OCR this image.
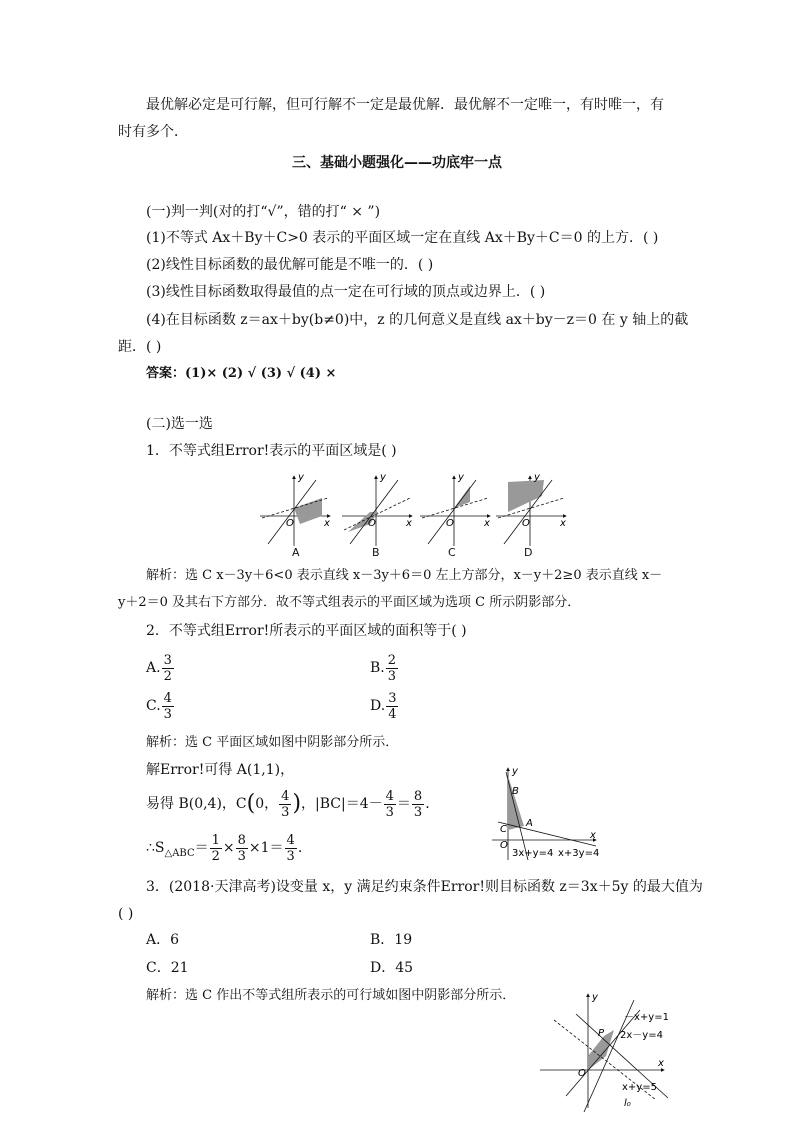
最优解必定是可行解，但可行解不一定是最优解．最优解不一定唯一，有时唯一，有
时有多个．
三、基础小题强化——功底牢一点
(一)判一判(对的打“√”，错的打“ × ”)
(1)不等式 Ax＋By＋C>0 表示的平面区域一定在直线 Ax＋By＋C＝0 的上方．( )
(2)线性目标函数的最优解可能是不唯一的．( )
(3)线性目标函数取得最值的点一定在可行域的顶点或边界上．( )
(4)在目标函数 z＝ax＋by(b≠0)中，z 的几何意义是直线 ax＋by－z＝0 在 y 轴上的截
距．( )
答案：(1)× (2) √ (3) √ (4) ×
(二)选一选
1．不等式组Error!表示的平面区域是( )
O
y
x	O
y
x	O
y
x	O
y
x
A	B	C	D
解析：选 C x－3y＋6<0 表示直线 x－3y＋6＝0 左上方部分，x－y＋2≥0 表示直线 x－
y＋2＝0 及其右下方部分．故不等式组表示的平面区域为选项 C 所示阴影部分．
2．不等式组Error!所表示的平面区域的面积等于( )
A. $\frac{3}{2}$	B. $\frac{2}{3}$
C. $\frac{4}{3}$	D. $\frac{3}{4}$
解析：选 C 平面区域如图中阴影部分所示．
解Error!可得 A(1,1)，
易得 B(0,4)，C(0， $\frac{4}{3}$ )，$|BC|=4- \frac{4}{3} = \frac{8}{3}$ .
$\therefore S_{\triangle ABC}= \frac{1}{2} \times \frac{8}{3} \times 1= \frac{4}{3}$ .
y
B
A
C
O
x
3x+y=4 x+3y=4
3．(2018·天津高考)设变量 x，y 满足约束条件Error!则目标函数 z＝3x＋5y 的最大值为
( )
A．6	B．19
C．21	D．45
解析：选 C 作出不等式组所表示的可行域如图中阴影部分所示．	y
－x+y=1
2x－y=4
P
O
x
x+y=5
l₀
